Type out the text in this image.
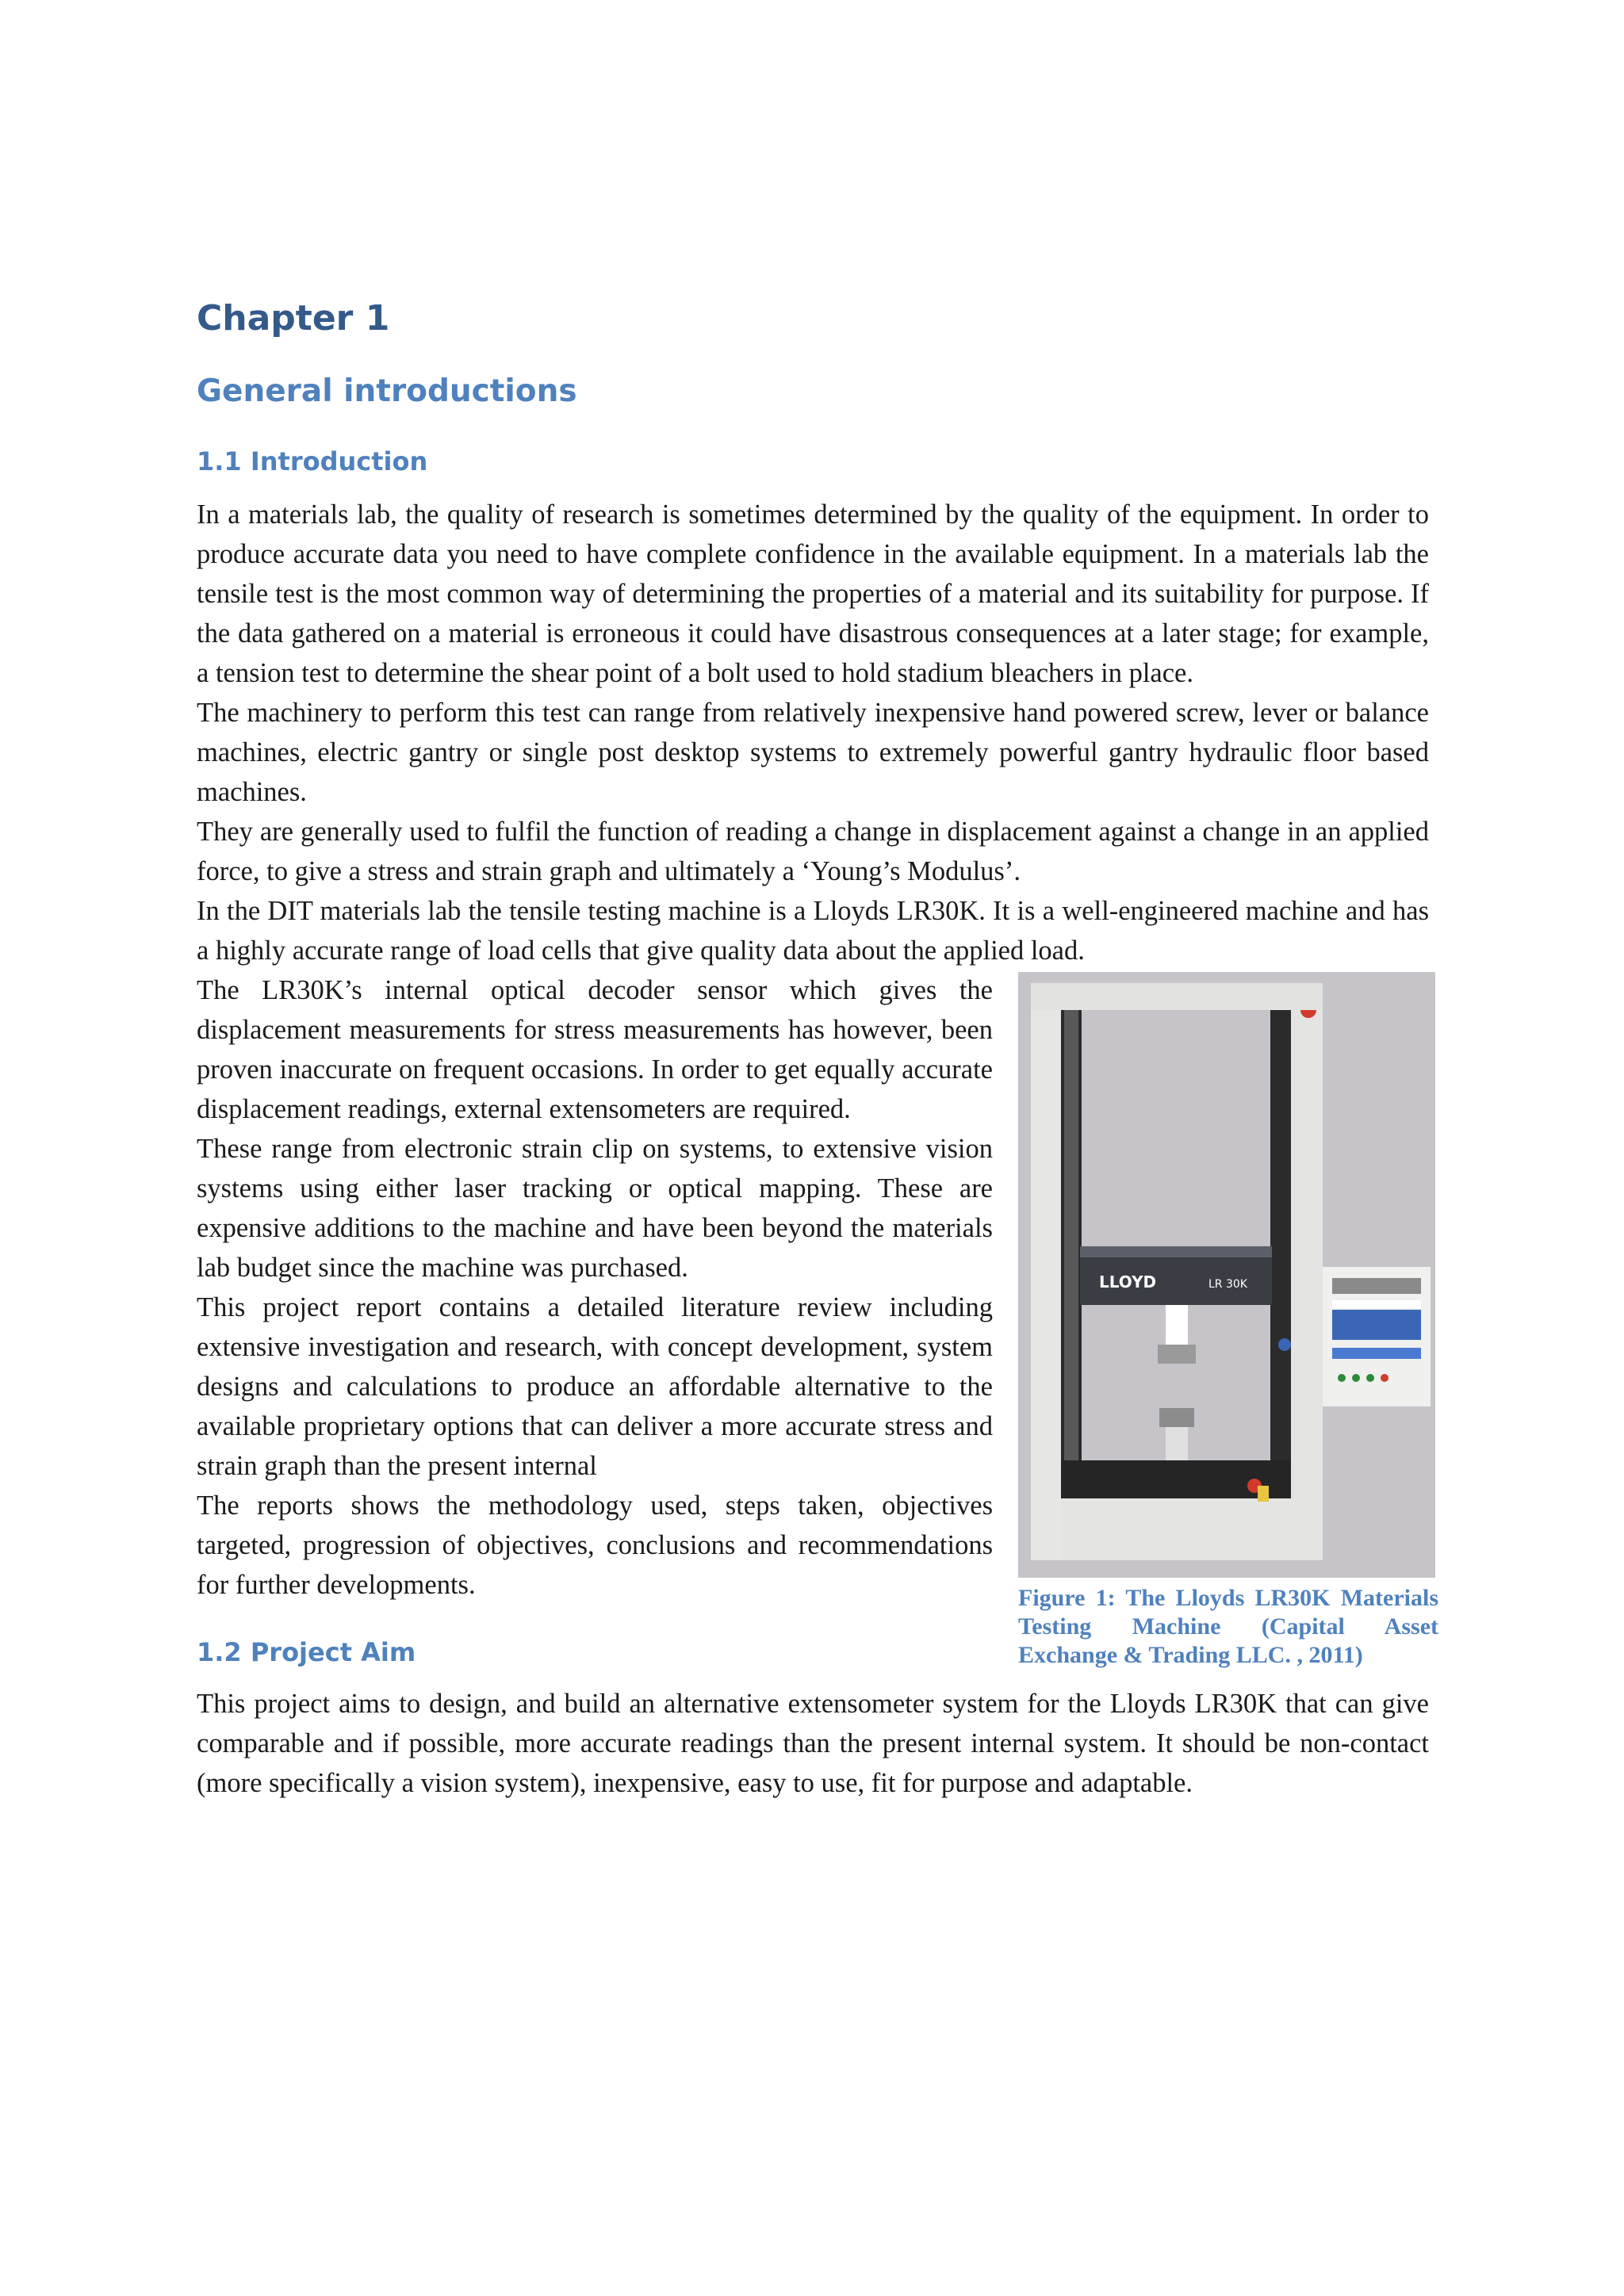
Chapter 1
General introductions
1.1 Introduction

In a materials lab, the quality of research is sometimes determined by the quality of the equipment. In order to produce accurate data you need to have complete confidence in the available equipment. In a materials lab the tensile test is the most common way of determining the properties of a material and its suitability for purpose. If the data gathered on a material is erroneous it could have disastrous consequences at a later stage; for example, a tension test to determine the shear point of a bolt used to hold stadium bleachers in place.

The machinery to perform this test can range from relatively inexpensive hand powered screw, lever or balance machines, electric gantry or single post desktop systems to extremely powerful gantry hydraulic floor based machines.

They are generally used to fulfil the function of reading a change in displacement against a change in an applied force, to give a stress and strain graph and ultimately a ‘Young’s Modulus’.

In the DIT materials lab the tensile testing machine is a Lloyds LR30K. It is a well-engineered machine and has a highly accurate range of load cells that give quality data about the applied load.

The LR30K’s internal optical decoder sensor which gives the displacement measurements for stress measurements has however, been proven inaccurate on frequent occasions. In order to get equally accurate displacement readings, external extensometers are required.

These range from electronic strain clip on systems, to extensive vision systems using either laser tracking or optical mapping. These are expensive additions to the machine and have been beyond the materials lab budget since the machine was purchased.

This project report contains a detailed literature review including extensive investigation and research, with concept development, system designs and calculations to produce an affordable alternative to the available proprietary options that can deliver a more accurate stress and strain graph than the present internal

The reports shows the methodology used, steps taken, objectives targeted, progression of objectives, conclusions and recommendations for further developments.

LLOYD	LR 30K
Figure 1: The Lloyds LR30K Materials Testing Machine (Capital Asset Exchange & Trading LLC. , 2011)
1.2 Project Aim

This project aims to design, and build an alternative extensometer system for the Lloyds LR30K that can give comparable and if possible, more accurate readings than the present internal system. It should be non-contact (more specifically a vision system), inexpensive, easy to use, fit for purpose and adaptable.
